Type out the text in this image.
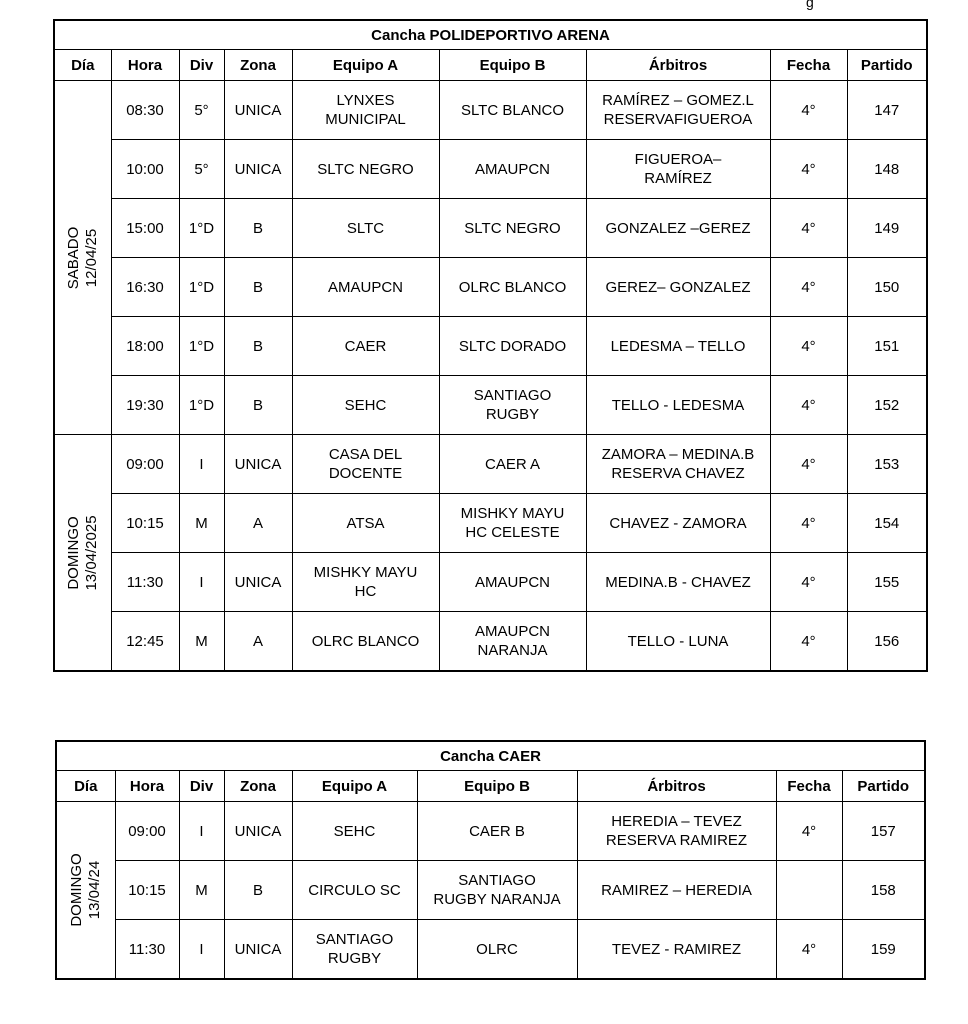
g
Cancha POLIDEPORTIVO ARENA								
Día	Hora	Div	Zona	Equipo A	Equipo B	Árbitros	Fecha	Partido

SABADO
12/04/25	08:30	5°	UNICA	LYNXES
MUNICIPAL	SLTC BLANCO	RAMÍREZ – GOMEZ.L
RESERVAFIGUEROA	4°	147
	10:00	5°	UNICA	SLTC NEGRO	AMAUPCN	FIGUEROA–
RAMÍREZ	4°	148
	15:00	1°D	B	SLTC	SLTC NEGRO	GONZALEZ –GEREZ	4°	149
	16:30	1°D	B	AMAUPCN	OLRC BLANCO	GEREZ– GONZALEZ	4°	150
	18:00	1°D	B	CAER	SLTC DORADO	LEDESMA – TELLO	4°	151
	19:30	1°D	B	SEHC	SANTIAGO
RUGBY	TELLO - LEDESMA	4°	152

DOMINGO
13/04/2025	09:00	I	UNICA	CASA DEL
DOCENTE	CAER A	ZAMORA – MEDINA.B
RESERVA CHAVEZ	4°	153
	10:15	M	A	ATSA	MISHKY MAYU
HC CELESTE	CHAVEZ - ZAMORA	4°	154
	11:30	I	UNICA	MISHKY MAYU
HC	AMAUPCN	MEDINA.B - CHAVEZ	4°	155
	12:45	M	A	OLRC BLANCO	AMAUPCN
NARANJA	TELLO - LUNA	4°	156
Cancha CAER								
Día	Hora	Div	Zona	Equipo A	Equipo B	Árbitros	Fecha	Partido

DOMINGO
13/04/24	09:00	I	UNICA	SEHC	CAER B	HEREDIA – TEVEZ
RESERVA RAMIREZ	4°	157
	10:15	M	B	CIRCULO SC	SANTIAGO
RUGBY NARANJA	RAMIREZ – HEREDIA		158
	11:30	I	UNICA	SANTIAGO
RUGBY	OLRC	TEVEZ - RAMIREZ	4°	159
